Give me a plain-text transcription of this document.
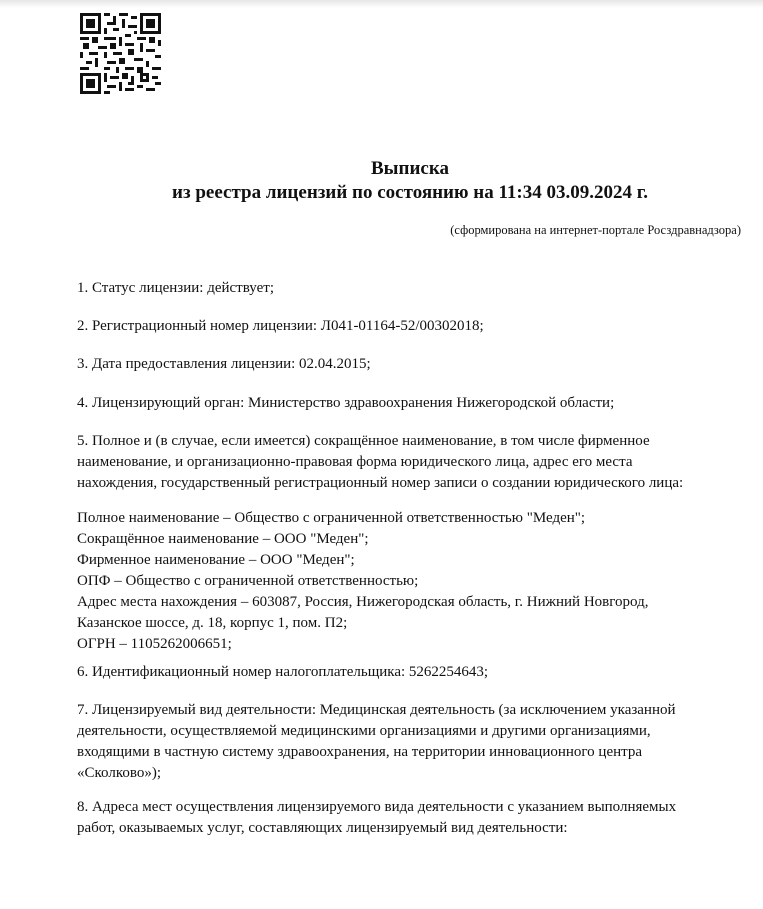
Выписка
из реестра лицензий по состоянию на 11:34 03.09.2024 г.
(сформирована на интернет-портале Росздравнадзора)
1. Статус лицензии: действует;
2. Регистрационный номер лицензии: Л041-01164-52/00302018;
3. Дата предоставления лицензии: 02.04.2015;
4. Лицензирующий орган: Министерство здравоохранения Нижегородской области;
5. Полное и (в случае, если имеется) сокращённое наименование, в том числе фирменное
наименование, и организационно-правовая форма юридического лица, адрес его места
нахождения, государственный регистрационный номер записи о создании юридического лица:
Полное наименование – Общество с ограниченной ответственностью "Меден";
Сокращённое наименование – ООО "Меден";
Фирменное наименование – ООО "Меден";
ОПФ – Общество с ограниченной ответственностью;
Адрес места нахождения – 603087, Россия, Нижегородская область, г. Нижний Новгород,
Казанское шоссе, д. 18, корпус 1, пом. П2;
ОГРН – 1105262006651;
6. Идентификационный номер налогоплательщика: 5262254643;
7. Лицензируемый вид деятельности: Медицинская деятельность (за исключением указанной
деятельности, осуществляемой медицинскими организациями и другими организациями,
входящими в частную систему здравоохранения, на территории инновационного центра
«Сколково»);
8. Адреса мест осуществления лицензируемого вида деятельности с указанием выполняемых
работ, оказываемых услуг, составляющих лицензируемый вид деятельности:
